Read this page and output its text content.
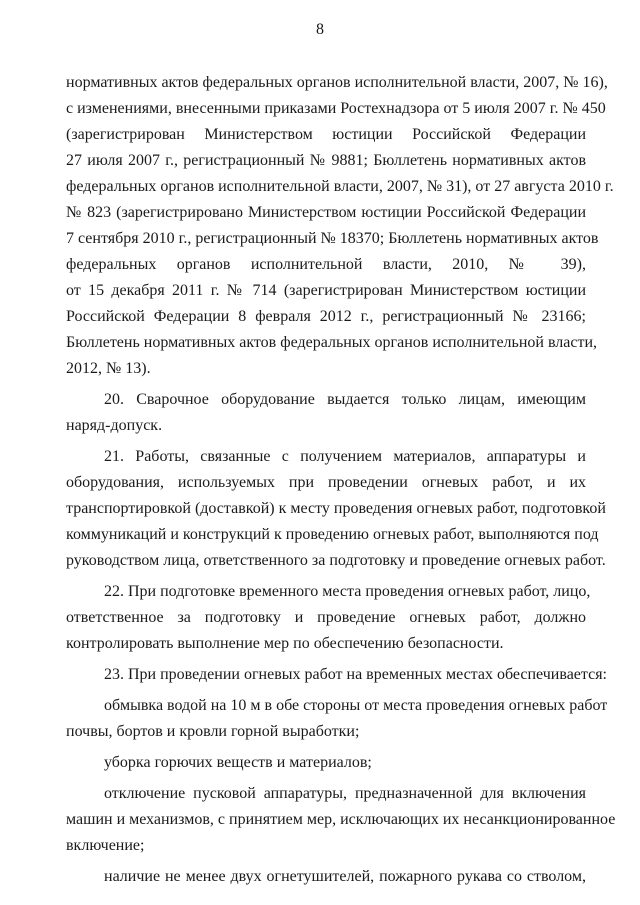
8
нормативных актов федеральных органов исполнительной власти, 2007, № 16),
с изменениями, внесенными приказами Ростехнадзора от 5 июля 2007 г. № 450
(зарегистрирован Министерством юстиции Российской Федерации
27 июля 2007 г., регистрационный № 9881; Бюллетень нормативных актов
федеральных органов исполнительной власти, 2007, № 31), от 27 августа 2010 г.
№ 823 (зарегистрировано Министерством юстиции Российской Федерации
7 сентября 2010 г., регистрационный № 18370; Бюллетень нормативных актов
федеральных органов исполнительной власти, 2010, № 39),
от 15 декабря 2011 г. № 714 (зарегистрирован Министерством юстиции
Российской Федерации 8 февраля 2012 г., регистрационный № 23166;
Бюллетень нормативных актов федеральных органов исполнительной власти,
2012, № 13).
20. Сварочное оборудование выдается только лицам, имеющим
наряд-допуск.
21. Работы, связанные с получением материалов, аппаратуры и
оборудования, используемых при проведении огневых работ, и их
транспортировкой (доставкой) к месту проведения огневых работ, подготовкой
коммуникаций и конструкций к проведению огневых работ, выполняются под
руководством лица, ответственного за подготовку и проведение огневых работ.
22. При подготовке временного места проведения огневых работ, лицо,
ответственное за подготовку и проведение огневых работ, должно
контролировать выполнение мер по обеспечению безопасности.
23. При проведении огневых работ на временных местах обеспечивается:
обмывка водой на 10 м в обе стороны от места проведения огневых работ
почвы, бортов и кровли горной выработки;
уборка горючих веществ и материалов;
отключение пусковой аппаратуры, предназначенной для включения
машин и механизмов, с принятием мер, исключающих их несанкционированное
включение;
наличие не менее двух огнетушителей, пожарного рукава со стволом,
